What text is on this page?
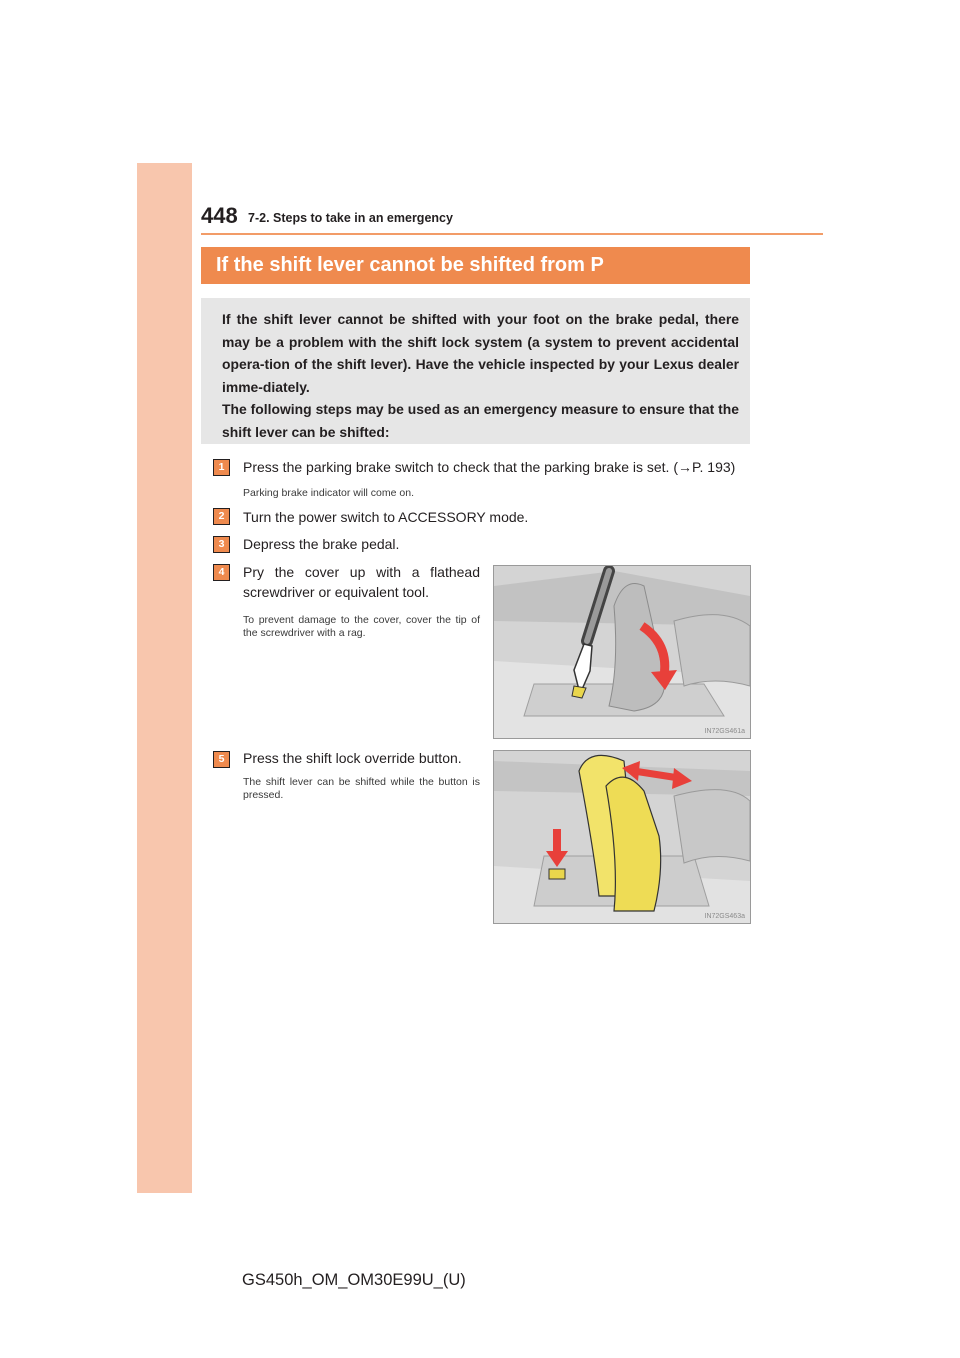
448 7-2. Steps to take in an emergency
If the shift lever cannot be shifted from P

If the shift lever cannot be shifted with your foot on the brake pedal, there may be a problem with the shift lock system (a system to prevent accidental opera-tion of the shift lever). Have the vehicle inspected by your Lexus dealer imme-diately.

The following steps may be used as an emergency measure to ensure that the shift lever can be shifted:

1	Press the parking brake switch to check that the parking brake is set. (→P. 193)
Parking brake indicator will come on.
2	Turn the power switch to ACCESSORY mode.
3	Depress the brake pedal.
4	Pry the cover up with a flathead screwdriver or equivalent tool.
To prevent damage to the cover, cover the tip of the screwdriver with a rag.
IN72GS461a
5	Press the shift lock override button.
The shift lever can be shifted while the button is pressed.
IN72GS463a
GS450h_OM_OM30E99U_(U)
